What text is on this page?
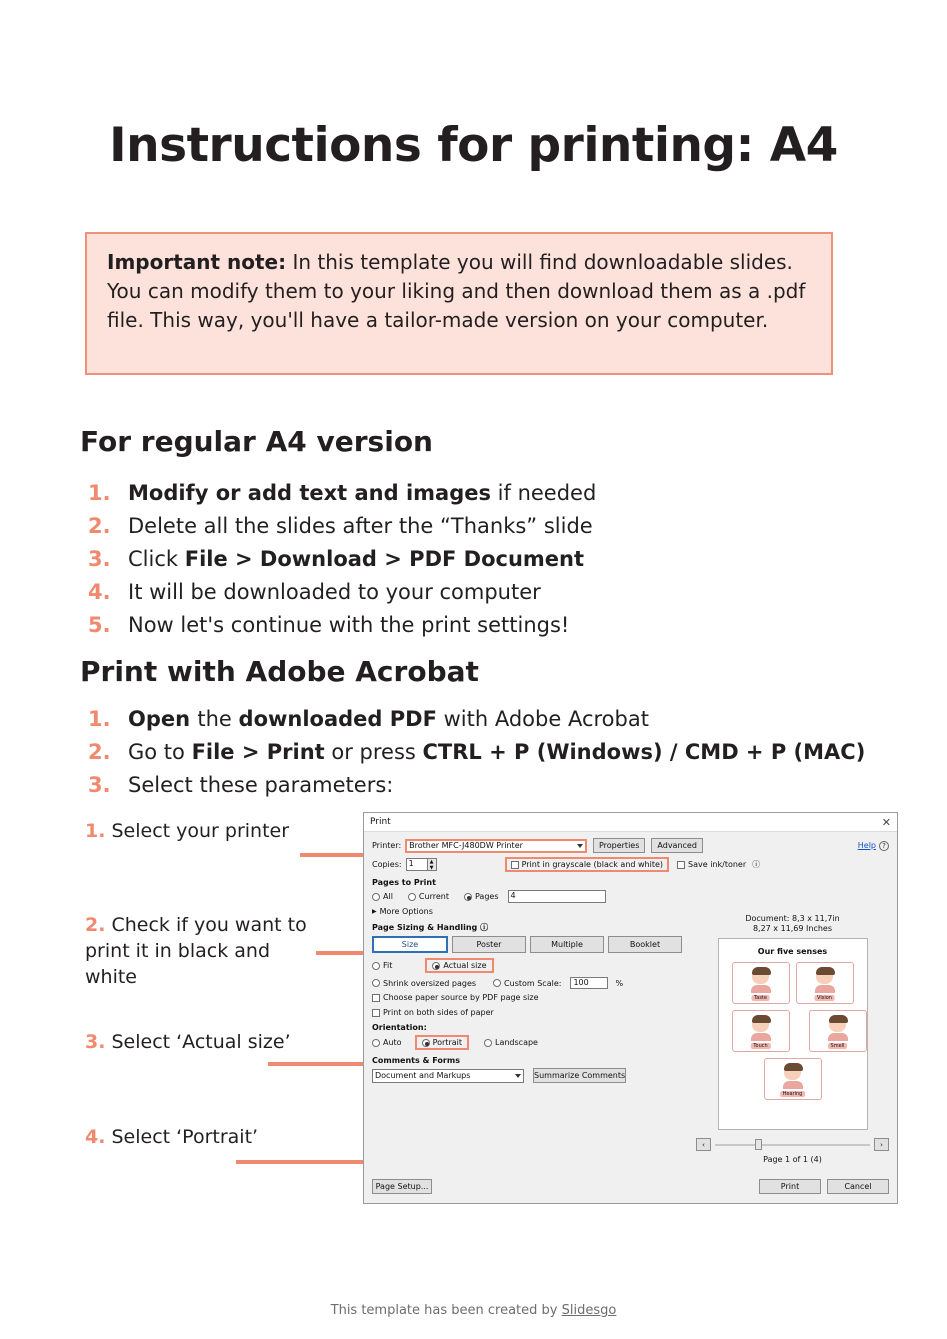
Instructions for printing: A4

Important note: In this template you will find downloadable slides. You can modify them to your liking and then download them as a .pdf file. This way, you'll have a tailor-made version on your computer.

For regular A4 version
1. Modify or add text and images if needed
2. Delete all the slides after the “Thanks” slide
3. Click File > Download > PDF Document
4. It will be downloaded to your computer
5. Now let's continue with the print settings!
Print with Adobe Acrobat
1. Open the downloaded PDF with Adobe Acrobat
2. Go to File > Print or press CTRL + P (Windows) / CMD + P (MAC)
3. Select these parameters:
1. Select your printer
2. Check if you want to print it in black and white
3. Select ‘Actual size’
4. Select ‘Portrait’
Print	✕
Printer: Brother MFC-J480DW Printer	Properties	Advanced	Help ?
Copies: 1	▲
▼	Print in grayscale (black and white)	Save ink/toner ⓘ
Pages to Print
All	Current	Pages	4
▶ More Options
Page Sizing & Handling ⓘ
Size	Poster	Multiple	Booklet
Fit	Actual size
Shrink oversized pages	Custom Scale:	100	%
Choose paper source by PDF page size
Print on both sides of paper
Orientation:
Auto	Portrait	Landscape
Comments & Forms
Document and Markups	Summarize Comments
Document: 8,3 x 11,7in
8,27 x 11,69 Inches
Our five senses
Taste	Vision
Touch	Smell
Hearing
‹	›
Page 1 of 1 (4)
Page Setup...	Print	Cancel
This template has been created by Slidesgo
